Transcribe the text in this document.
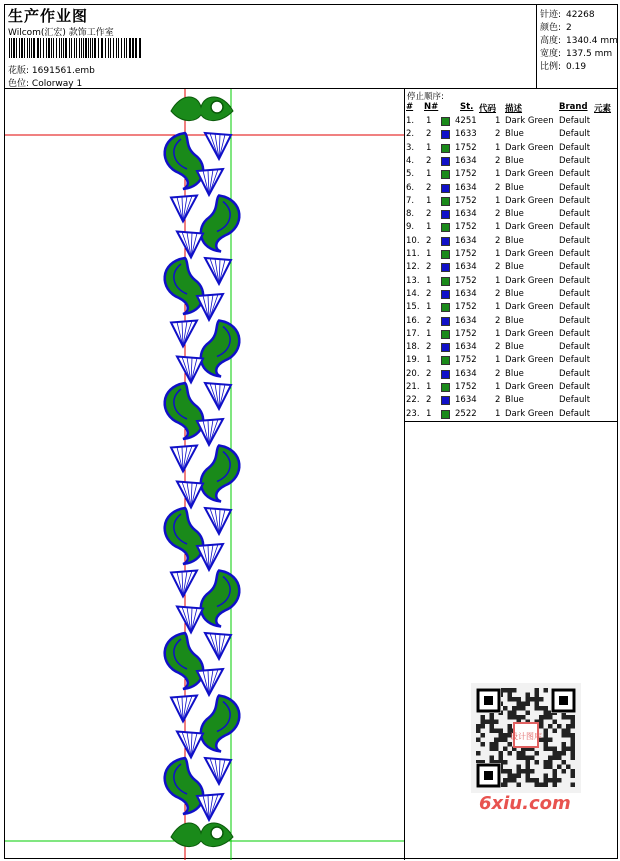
生产作业图
Wilcom(汇宏) 款饰工作室
花版: 1691561.emb
色位: Colorway 1
针迹: 42268
颜色: 2
高度: 1340.4 mm
宽度: 137.5 mm
比例: 0.19
停止顺序:
# N#	St. 代码 描述	Brand 元素
1. 1	4251 1 Dark Green Default
2. 2	1633 2 Blue	Default
3. 1	1752 1 Dark Green Default
4. 2	1634 2 Blue	Default
5. 1	1752 1 Dark Green Default
6. 2	1634 2 Blue	Default
7. 1	1752 1 Dark Green Default
8. 2	1634 2 Blue	Default
9. 1	1752 1 Dark Green Default
10. 2	1634 2 Blue	Default
11. 1	1752 1 Dark Green Default
12. 2	1634 2 Blue	Default
13. 1	1752 1 Dark Green Default
14. 2	1634 2 Blue	Default
15. 1	1752 1 Dark Green Default
16. 2	1634 2 Blue	Default
17. 1	1752 1 Dark Green Default
18. 2	1634 2 Blue	Default
19. 1	1752 1 Dark Green Default
20. 2	1634 2 Blue	Default
21. 1	1752 1 Dark Green Default
22. 2	1634 2 Blue	Default
23. 1	2522 1 Dark Green Default
设计图库
6xiu.com
